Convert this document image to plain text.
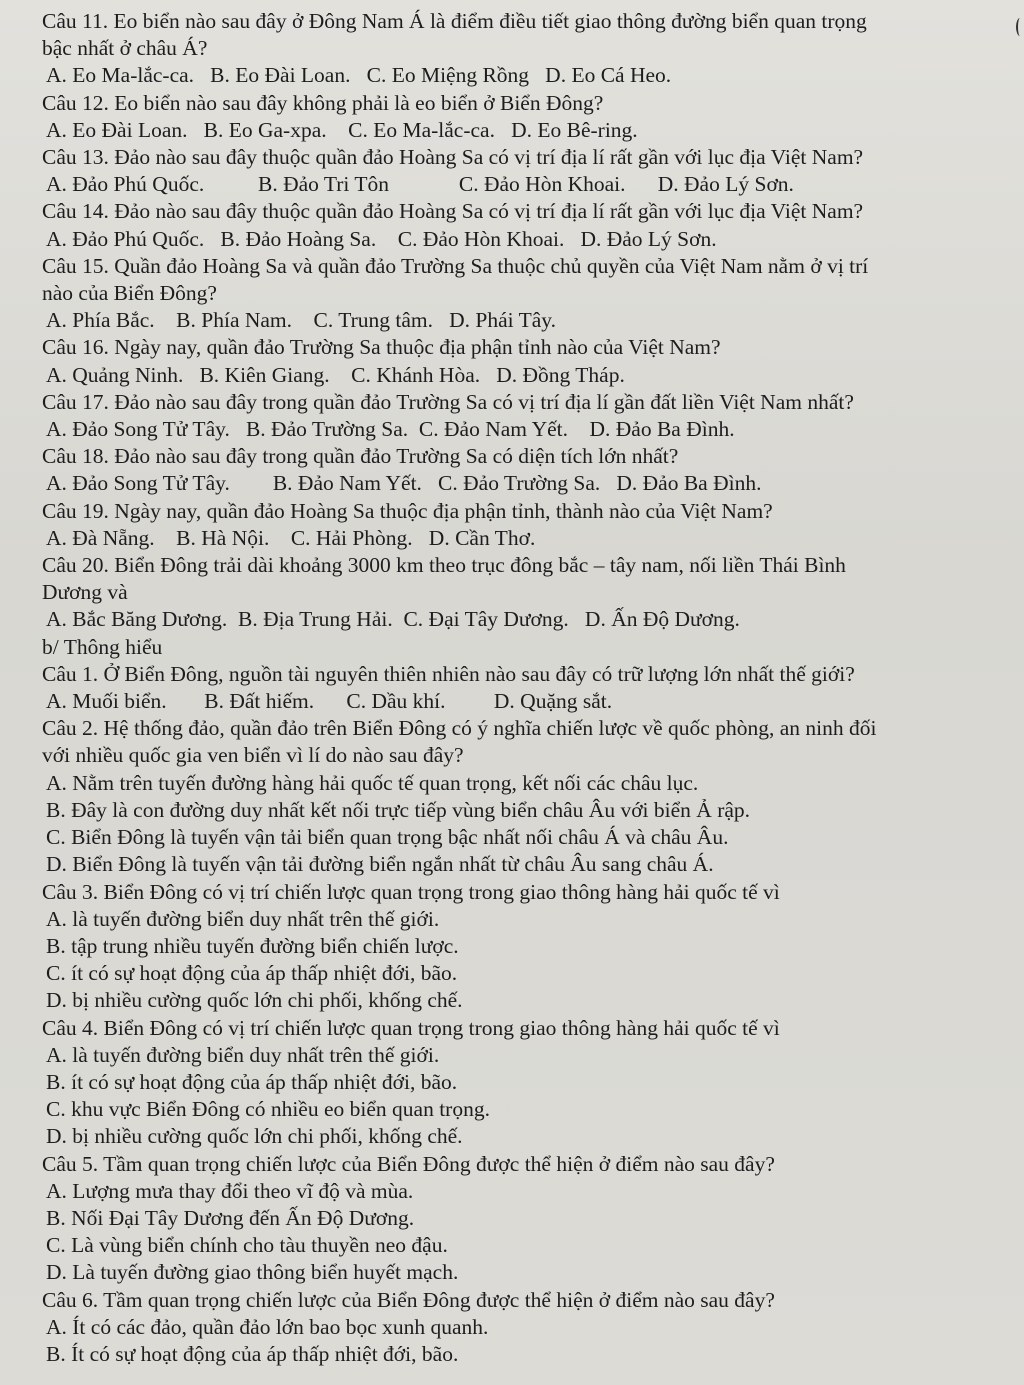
Câu 11. Eo biển nào sau đây ở Đông Nam Á là điểm điều tiết giao thông đường biển quan trọng
bậc nhất ở châu Á?
A. Eo Ma-lắc-ca.   B. Eo Đài Loan.   C. Eo Miệng Rồng   D. Eo Cá Heo.
Câu 12. Eo biển nào sau đây không phải là eo biển ở Biển Đông?
A. Eo Đài Loan.   B. Eo Ga-xpa.    C. Eo Ma-lắc-ca.   D. Eo Bê-ring.
Câu 13. Đảo nào sau đây thuộc quần đảo Hoàng Sa có vị trí địa lí rất gần với lục địa Việt Nam?
A. Đảo Phú Quốc.          B. Đảo Tri Tôn             C. Đảo Hòn Khoai.      D. Đảo Lý Sơn.
Câu 14. Đảo nào sau đây thuộc quần đảo Hoàng Sa có vị trí địa lí rất gần với lục địa Việt Nam?
A. Đảo Phú Quốc.   B. Đảo Hoàng Sa.    C. Đảo Hòn Khoai.   D. Đảo Lý Sơn.
Câu 15. Quần đảo Hoàng Sa và quần đảo Trường Sa thuộc chủ quyền của Việt Nam nằm ở vị trí
nào của Biển Đông?
A. Phía Bắc.    B. Phía Nam.    C. Trung tâm.   D. Phái Tây.
Câu 16. Ngày nay, quần đảo Trường Sa thuộc địa phận tỉnh nào của Việt Nam?
A. Quảng Ninh.   B. Kiên Giang.    C. Khánh Hòa.   D. Đồng Tháp.
Câu 17. Đảo nào sau đây trong quần đảo Trường Sa có vị trí địa lí gần đất liền Việt Nam nhất?
A. Đảo Song Tử Tây.   B. Đảo Trường Sa.  C. Đảo Nam Yết.    D. Đảo Ba Đình.
Câu 18. Đảo nào sau đây trong quần đảo Trường Sa có diện tích lớn nhất?
A. Đảo Song Tử Tây.        B. Đảo Nam Yết.   C. Đảo Trường Sa.   D. Đảo Ba Đình.
Câu 19. Ngày nay, quần đảo Hoàng Sa thuộc địa phận tỉnh, thành nào của Việt Nam?
A. Đà Nẵng.    B. Hà Nội.    C. Hải Phòng.   D. Cần Thơ.
Câu 20. Biển Đông trải dài khoảng 3000 km theo trục đông bắc – tây nam, nối liền Thái Bình
Dương và
A. Bắc Băng Dương.  B. Địa Trung Hải.  C. Đại Tây Dương.   D. Ấn Độ Dương.
b/ Thông hiểu
Câu 1. Ở Biển Đông, nguồn tài nguyên thiên nhiên nào sau đây có trữ lượng lớn nhất thế giới?
A. Muối biển.       B. Đất hiếm.      C. Dầu khí.         D. Quặng sắt.
Câu 2. Hệ thống đảo, quần đảo trên Biển Đông có ý nghĩa chiến lược về quốc phòng, an ninh đối
với nhiều quốc gia ven biển vì lí do nào sau đây?
A. Nằm trên tuyến đường hàng hải quốc tế quan trọng, kết nối các châu lục.
B. Đây là con đường duy nhất kết nối trực tiếp vùng biển châu Âu với biển Ả rập.
C. Biển Đông là tuyến vận tải biển quan trọng bậc nhất nối châu Á và châu Âu.
D. Biển Đông là tuyến vận tải đường biển ngắn nhất từ châu Âu sang châu Á.
Câu 3. Biển Đông có vị trí chiến lược quan trọng trong giao thông hàng hải quốc tế vì
A. là tuyến đường biển duy nhất trên thế giới.
B. tập trung nhiều tuyến đường biển chiến lược.
C. ít có sự hoạt động của áp thấp nhiệt đới, bão.
D. bị nhiều cường quốc lớn chi phối, khống chế.
Câu 4. Biển Đông có vị trí chiến lược quan trọng trong giao thông hàng hải quốc tế vì
A. là tuyến đường biển duy nhất trên thế giới.
B. ít có sự hoạt động của áp thấp nhiệt đới, bão.
C. khu vực Biển Đông có nhiều eo biển quan trọng.
D. bị nhiều cường quốc lớn chi phối, khống chế.
Câu 5. Tầm quan trọng chiến lược của Biển Đông được thể hiện ở điểm nào sau đây?
A. Lượng mưa thay đổi theo vĩ độ và mùa.
B. Nối Đại Tây Dương đến Ấn Độ Dương.
C. Là vùng biển chính cho tàu thuyền neo đậu.
D. Là tuyến đường giao thông biển huyết mạch.
Câu 6. Tầm quan trọng chiến lược của Biển Đông được thể hiện ở điểm nào sau đây?
A. Ít có các đảo, quần đảo lớn bao bọc xunh quanh.
B. Ít có sự hoạt động của áp thấp nhiệt đới, bão.
